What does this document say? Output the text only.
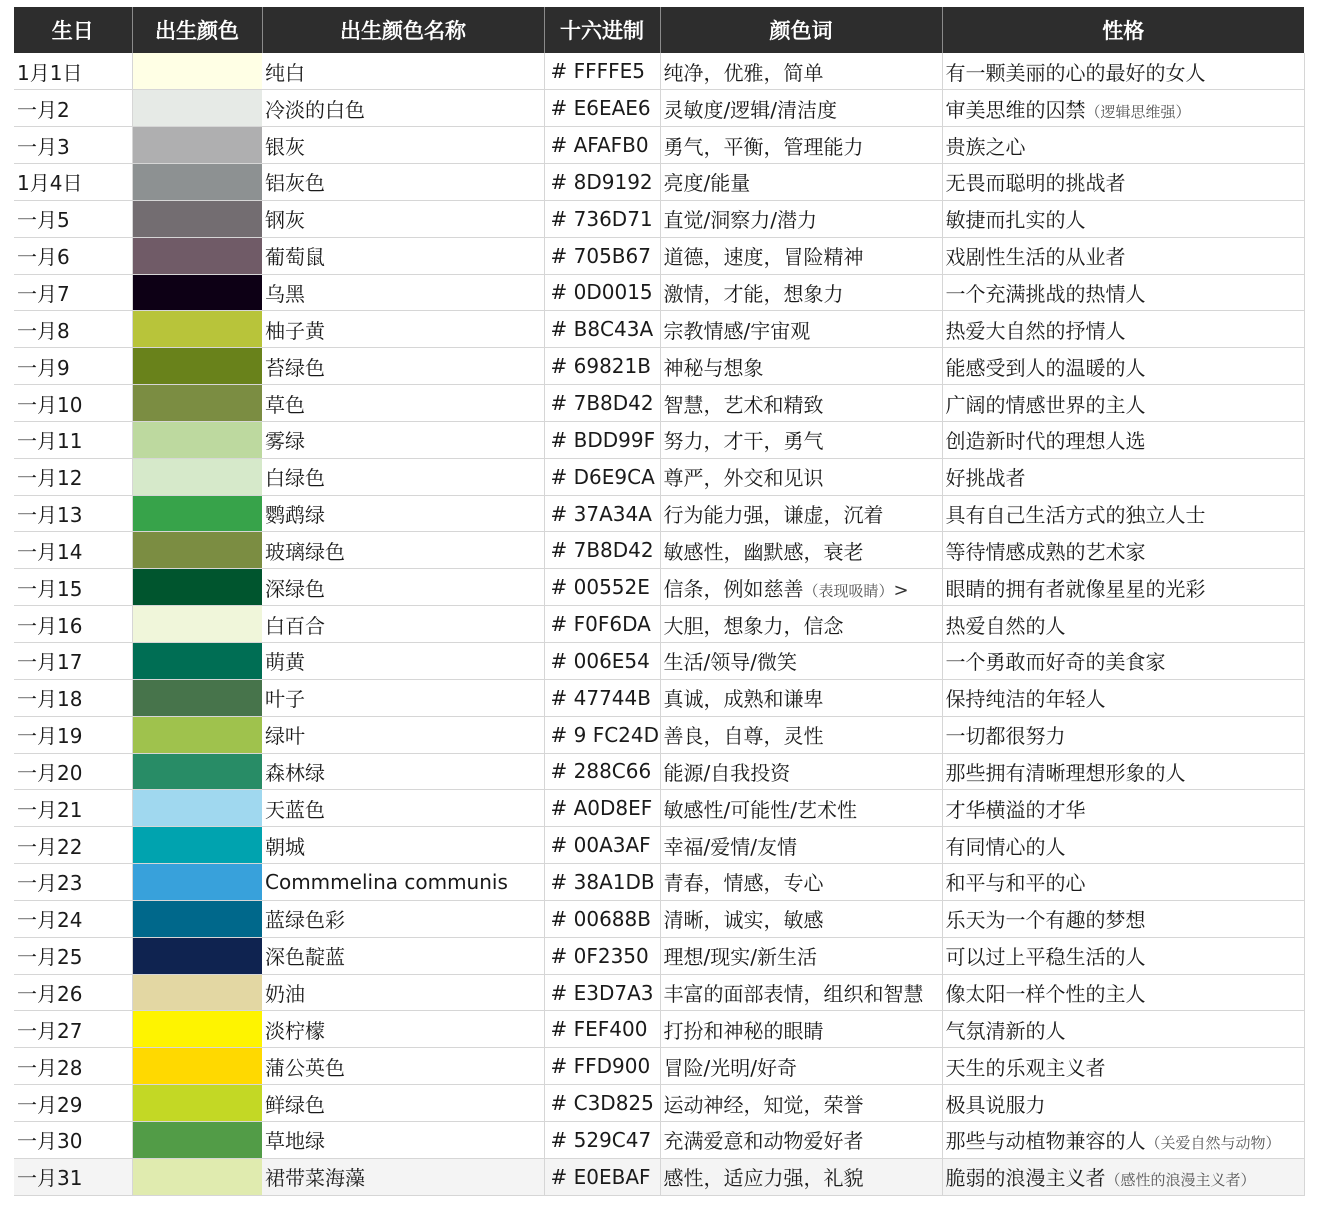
生日	出生颜色	出生颜色名称	十六进制	颜色词	性格
1月1日		纯白	# FFFFE5	纯净，优雅，简单	有一颗美丽的心的最好的女人
一月2		冷淡的白色	# E6EAE6	灵敏度/逻辑/清洁度	审美思维的囚禁（逻辑思维强）
一月3		银灰	# AFAFB0	勇气，平衡，管理能力	贵族之心
1月4日		铝灰色	# 8D9192	亮度/能量	无畏而聪明的挑战者
一月5		钢灰	# 736D71	直觉/洞察力/潜力	敏捷而扎实的人
一月6		葡萄鼠	# 705B67	道德，速度，冒险精神	戏剧性生活的从业者
一月7		乌黑	# 0D0015	激情，才能，想象力	一个充满挑战的热情人
一月8		柚子黄	# B8C43A	宗教情感/宇宙观	热爱大自然的抒情人
一月9		苔绿色	# 69821B	神秘与想象	能感受到人的温暖的人
一月10		草色	# 7B8D42	智慧，艺术和精致	广阔的情感世界的主人
一月11		雾绿	# BDD99F	努力，才干，勇气	创造新时代的理想人选
一月12		白绿色	# D6E9CA	尊严，外交和见识	好挑战者
一月13		鹦鹉绿	# 37A34A	行为能力强，谦虚，沉着	具有自己生活方式的独立人士
一月14		玻璃绿色	# 7B8D42	敏感性，幽默感，衰老	等待情感成熟的艺术家
一月15		深绿色	# 00552E	信条，例如慈善（表现吸睛）>	眼睛的拥有者就像星星的光彩
一月16		白百合	# F0F6DA	大胆，想象力，信念	热爱自然的人
一月17		萌黄	# 006E54	生活/领导/微笑	一个勇敢而好奇的美食家
一月18		叶子	# 47744B	真诚，成熟和谦卑	保持纯洁的年轻人
一月19		绿叶	# 9 FC24D	善良，自尊，灵性	一切都很努力
一月20		森林绿	# 288C66	能源/自我投资	那些拥有清晰理想形象的人
一月21		天蓝色	# A0D8EF	敏感性/可能性/艺术性	才华横溢的才华
一月22		朝城	# 00A3AF	幸福/爱情/友情	有同情心的人
一月23		Commmelina communis	# 38A1DB	青春，情感，专心	和平与和平的心
一月24		蓝绿色彩	# 00688B	清晰，诚实，敏感	乐天为一个有趣的梦想
一月25		深色靛蓝	# 0F2350	理想/现实/新生活	可以过上平稳生活的人
一月26		奶油	# E3D7A3	丰富的面部表情，组织和智慧	像太阳一样个性的主人
一月27		淡柠檬	# FEF400	打扮和神秘的眼睛	气氛清新的人
一月28		蒲公英色	# FFD900	冒险/光明/好奇	天生的乐观主义者
一月29		鲜绿色	# C3D825	运动神经，知觉，荣誉	极具说服力
一月30		草地绿	# 529C47	充满爱意和动物爱好者	那些与动植物兼容的人（关爱自然与动物）
一月31		裙带菜海藻	# E0EBAF	感性，适应力强，礼貌	脆弱的浪漫主义者（感性的浪漫主义者）
